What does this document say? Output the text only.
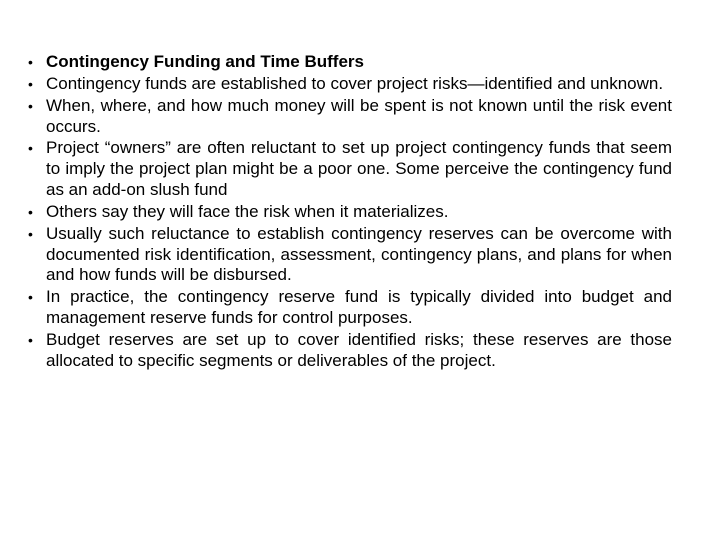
• Contingency Funding and Time Buffers
• Contingency funds are established to cover project risks—identified and unknown.
• When, where, and how much money will be spent is not known until the risk event occurs.
• Project “owners” are often reluctant to set up project contingency funds that seem to imply the project plan might be a poor one. Some perceive the contingency fund as an add-on slush fund
• Others say they will face the risk when it materializes.
• Usually such reluctance to establish contingency reserves can be overcome with documented risk identification, assessment, contingency plans, and plans for when and how funds will be disbursed.
• In practice, the contingency reserve fund is typically divided into budget and management reserve funds for control purposes.
• Budget reserves are set up to cover identified risks; these reserves are those allocated to specific segments or deliverables of the project.
